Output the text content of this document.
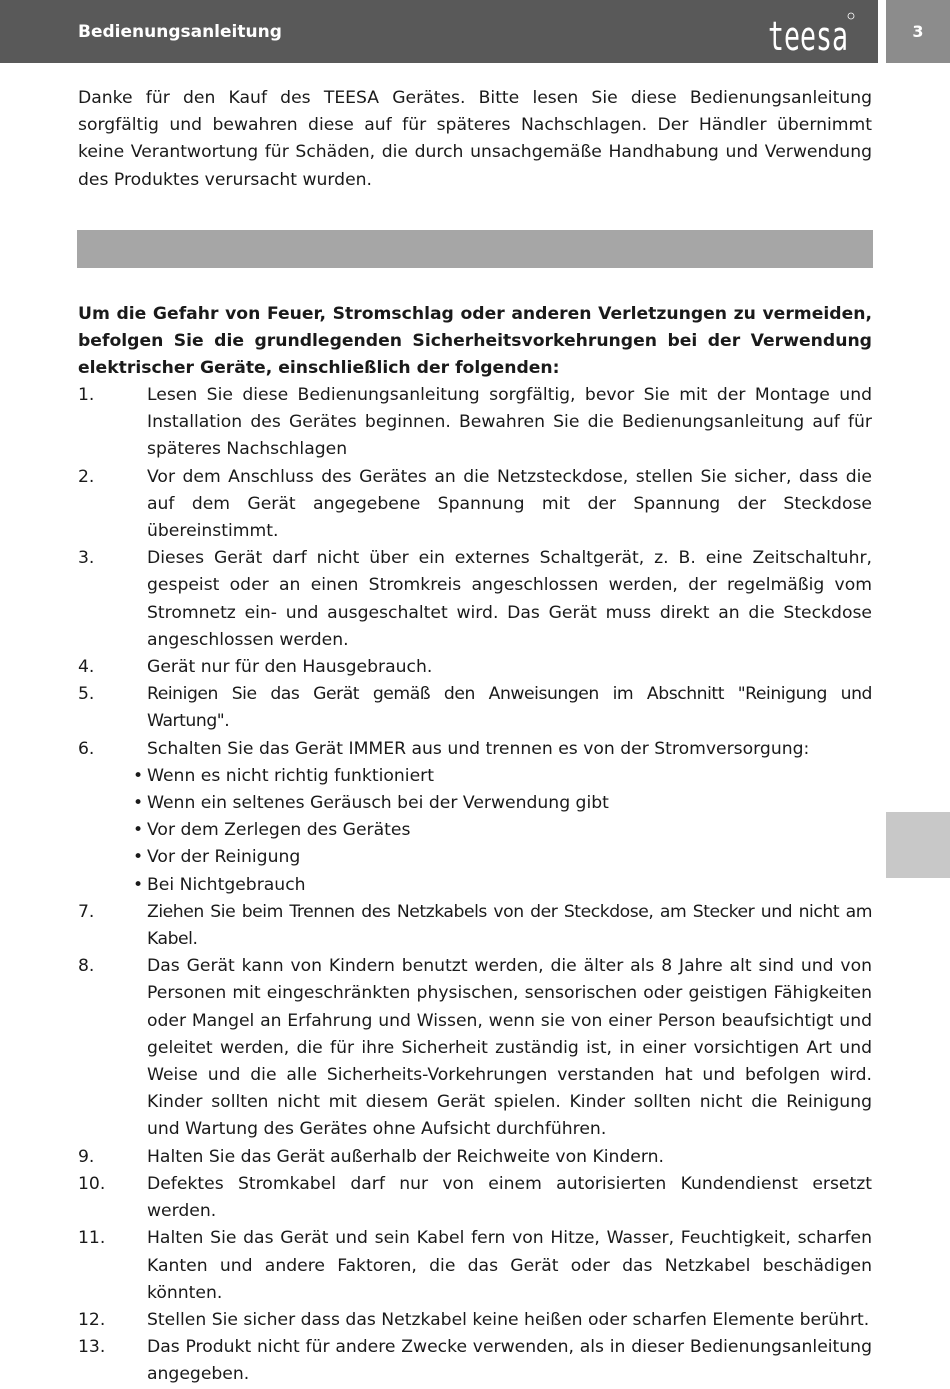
Bedienungsanleitung	teesa	3

Danke für den Kauf des TEESA Gerätes. Bitte lesen Sie diese Bedienungsanleitung sorgfältig und bewahren diese auf für späteres Nachschlagen. Der Händler übernimmt keine Verantwortung für Schäden, die durch unsachgemäße Handhabung und Verwendung des Produktes verursacht wurden.

Um die Gefahr von Feuer, Stromschlag oder anderen Verletzungen zu vermeiden, befolgen Sie die grundlegenden Sicherheitsvorkehrungen bei der Verwendung elektrischer Geräte, einschließlich der folgenden:

1.	Lesen Sie diese Bedienungsanleitung sorgfältig, bevor Sie mit der Montage und Installation des Gerätes beginnen. Bewahren Sie die Bedienungsanleitung auf für späteres Nachschlagen
2.	Vor dem Anschluss des Gerätes an die Netzsteckdose, stellen Sie sicher, dass die auf dem Gerät angegebene Spannung mit der Spannung der Steckdose übereinstimmt.
3.	Dieses Gerät darf nicht über ein externes Schaltgerät, z. B. eine Zeitschaltuhr, gespeist oder an einen Stromkreis angeschlossen werden, der regelmäßig vom Stromnetz ein- und ausgeschaltet wird. Das Gerät muss direkt an die Steckdose angeschlossen werden.
4.	Gerät nur für den Hausgebrauch.
5.	Reinigen Sie das Gerät gemäß den Anweisungen im Abschnitt "Reinigung und Wartung".
6.	Schalten Sie das Gerät IMMER aus und trennen es von der Stromversorgung:
• Wenn es nicht richtig funktioniert
• Wenn ein seltenes Geräusch bei der Verwendung gibt
• Vor dem Zerlegen des Gerätes
• Vor der Reinigung
• Bei Nichtgebrauch
7.	Ziehen Sie beim Trennen des Netzkabels von der Steckdose, am Stecker und nicht am Kabel.
8.	Das Gerät kann von Kindern benutzt werden, die älter als 8 Jahre alt sind und von Personen mit eingeschränkten physischen, sensorischen oder geistigen Fähigkeiten oder Mangel an Erfahrung und Wissen, wenn sie von einer Person beaufsichtigt und geleitet werden, die für ihre Sicherheit zuständig ist, in einer vorsichtigen Art und Weise und die alle Sicherheits-Vorkehrungen verstanden hat und befolgen wird. Kinder sollten nicht mit diesem Gerät spielen. Kinder sollten nicht die Reinigung und Wartung des Gerätes ohne Aufsicht durchführen.
9.	Halten Sie das Gerät außerhalb der Reichweite von Kindern.
10.	Defektes Stromkabel darf nur von einem autorisierten Kundendienst ersetzt werden.
11.	Halten Sie das Gerät und sein Kabel fern von Hitze, Wasser, Feuchtigkeit, scharfen Kanten und andere Faktoren, die das Gerät oder das Netzkabel beschädigen könnten.
12.	Stellen Sie sicher dass das Netzkabel keine heißen oder scharfen Elemente berührt.
13.	Das Produkt nicht für andere Zwecke verwenden, als in dieser Bedienungsanleitung angegeben.
